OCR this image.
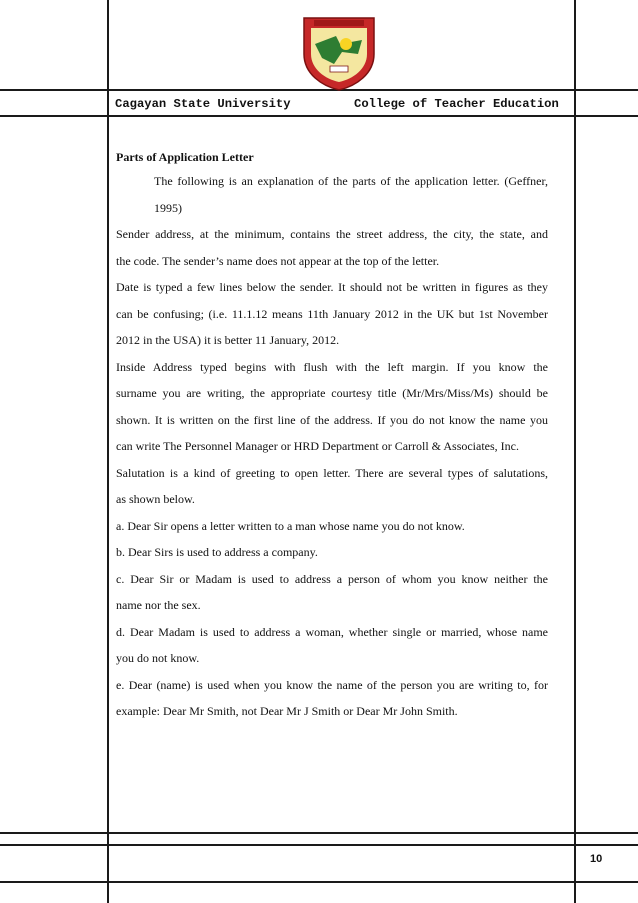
Cagayan State University	College of Teacher Education
Parts of Application Letter
The following is an explanation of the parts of the application letter. (Geffner,
1995)
Sender address, at the minimum, contains the street address, the city, the state, and
the code. The sender’s name does not appear at the top of the letter.
Date is typed a few lines below the sender. It should not be written in figures as they
can be confusing; (i.e. 11.1.12 means 11th January 2012 in the UK but 1st November
2012 in the USA) it is better 11 January, 2012.
Inside Address typed begins with flush with the left margin. If you know the
surname you are writing, the appropriate courtesy title (Mr/Mrs/Miss/Ms) should be
shown. It is written on the first line of the address. If you do not know the name you
can write The Personnel Manager or HRD Department or Carroll & Associates, Inc.
Salutation is a kind of greeting to open letter. There are several types of salutations,
as shown below.
a. Dear Sir opens a letter written to a man whose name you do not know.
b. Dear Sirs is used to address a company.
c. Dear Sir or Madam is used to address a person of whom you know neither the
name nor the sex.
d. Dear Madam is used to address a woman, whether single or married, whose name
you do not know.
e. Dear (name) is used when you know the name of the person you are writing to, for
example: Dear Mr Smith, not Dear Mr J Smith or Dear Mr John Smith.
10
